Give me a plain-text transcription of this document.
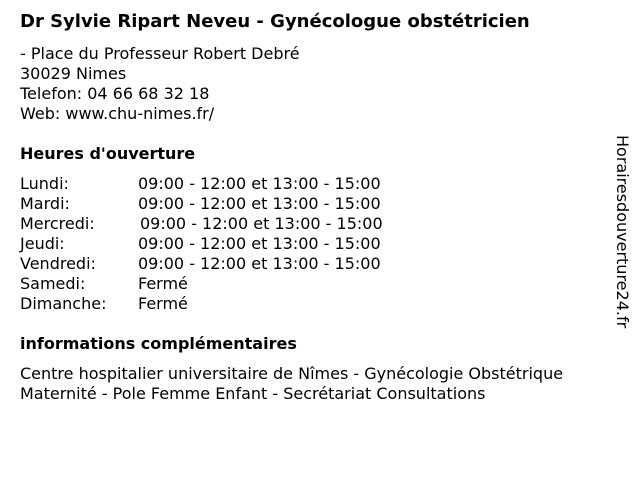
Dr Sylvie Ripart Neveu - Gynécologue obstétricien
- Place du Professeur Robert Debré
30029 Nimes
Telefon: 04 66 68 32 18
Web: www.chu-nimes.fr/
Heures d'ouverture
Lundi:	09:00 - 12:00 et 13:00 - 15:00
Mardi:	09:00 - 12:00 et 13:00 - 15:00
Mercredi:	09:00 - 12:00 et 13:00 - 15:00
Jeudi:	09:00 - 12:00 et 13:00 - 15:00
Vendredi:	09:00 - 12:00 et 13:00 - 15:00
Samedi:	Fermé
Dimanche: Fermé
informations complémentaires
Centre hospitalier universitaire de Nîmes - Gynécologie Obstétrique
Maternité - Pole Femme Enfant - Secrétariat Consultations
Horairesdouverture24.fr
